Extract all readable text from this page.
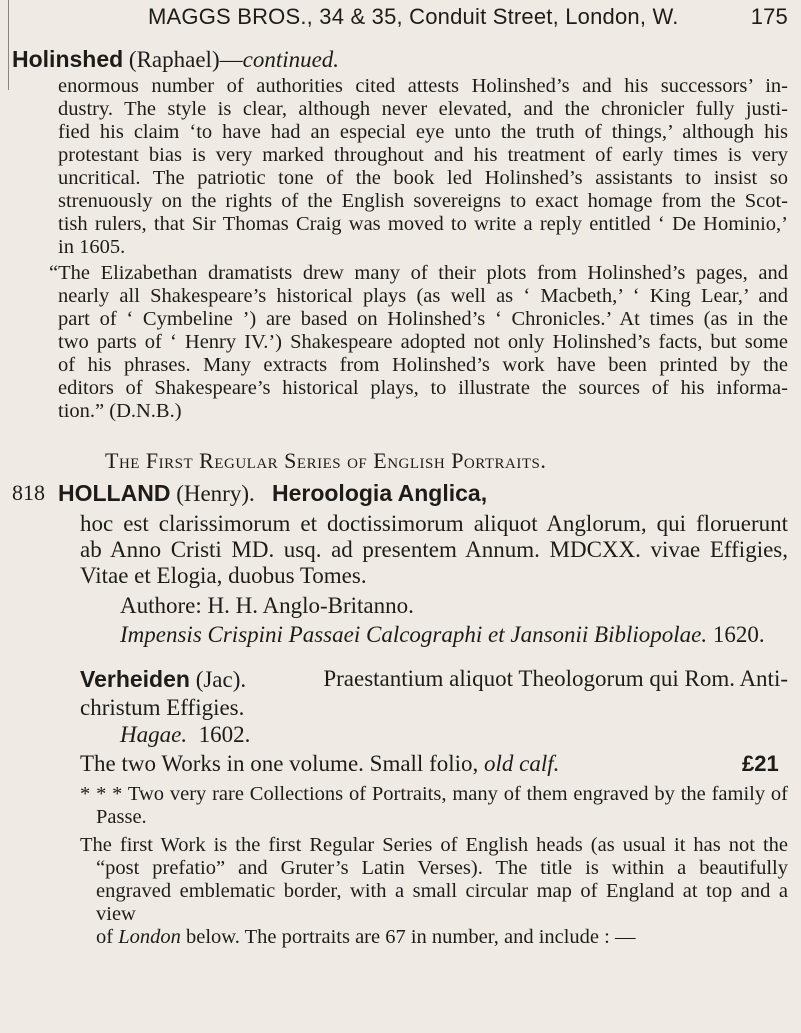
MAGGS BROS., 34 & 35, Conduit Street, London, W.	175
Holinshed (Raphael)—continued.
enormous number of authorities cited attests Holinshed’s and his successors’ in-
dustry. The style is clear, although never elevated, and the chronicler fully justi-
fied his claim ‘to have had an especial eye unto the truth of things,’ although his
protestant bias is very marked throughout and his treatment of early times is very
uncritical. The patriotic tone of the book led Holinshed’s assistants to insist so
strenuously on the rights of the English sovereigns to exact homage from the Scot-
tish rulers, that Sir Thomas Craig was moved to write a reply entitled ‘ De Hominio,’
in 1605.
“The Elizabethan dramatists drew many of their plots from Holinshed’s pages, and
nearly all Shakespeare’s historical plays (as well as ‘ Macbeth,’ ‘ King Lear,’ and
part of ‘ Cymbeline ’) are based on Holinshed’s ‘ Chronicles.’ At times (as in the
two parts of ‘ Henry IV.’) Shakespeare adopted not only Holinshed’s facts, but some
of his phrases. Many extracts from Holinshed’s work have been printed by the
editors of Shakespeare’s historical plays, to illustrate the sources of his informa-
tion.” (D.N.B.)
The First Regular Series of English Portraits.
818 HOLLAND (Henry). Heroologia Anglica,
hoc est clarissimorum et doctissimorum aliquot Anglorum, qui floruerunt
ab Anno Cristi MD. usq. ad presentem Annum. MDCXX. vivae Effigies,
Vitae et Elogia, duobus Tomes.
Authore: H. H. Anglo-Britanno.
Impensis Crispini Passaei Calcographi et Jansonii Bibliopolae. 1620.
Verheiden (Jac).	Praestantium aliquot Theologorum qui Rom. Anti-
christum Effigies.
Hagae. 1602.
The two Works in one volume. Small folio, old calf.	£21
* * * Two very rare Collections of Portraits, many of them engraved by the family of
Passe.
The first Work is the first Regular Series of English heads (as usual it has not the
“post prefatio” and Gruter’s Latin Verses). The title is within a beautifully
engraved emblematic border, with a small circular map of England at top and a view
of London below. The portraits are 67 in number, and include : —
